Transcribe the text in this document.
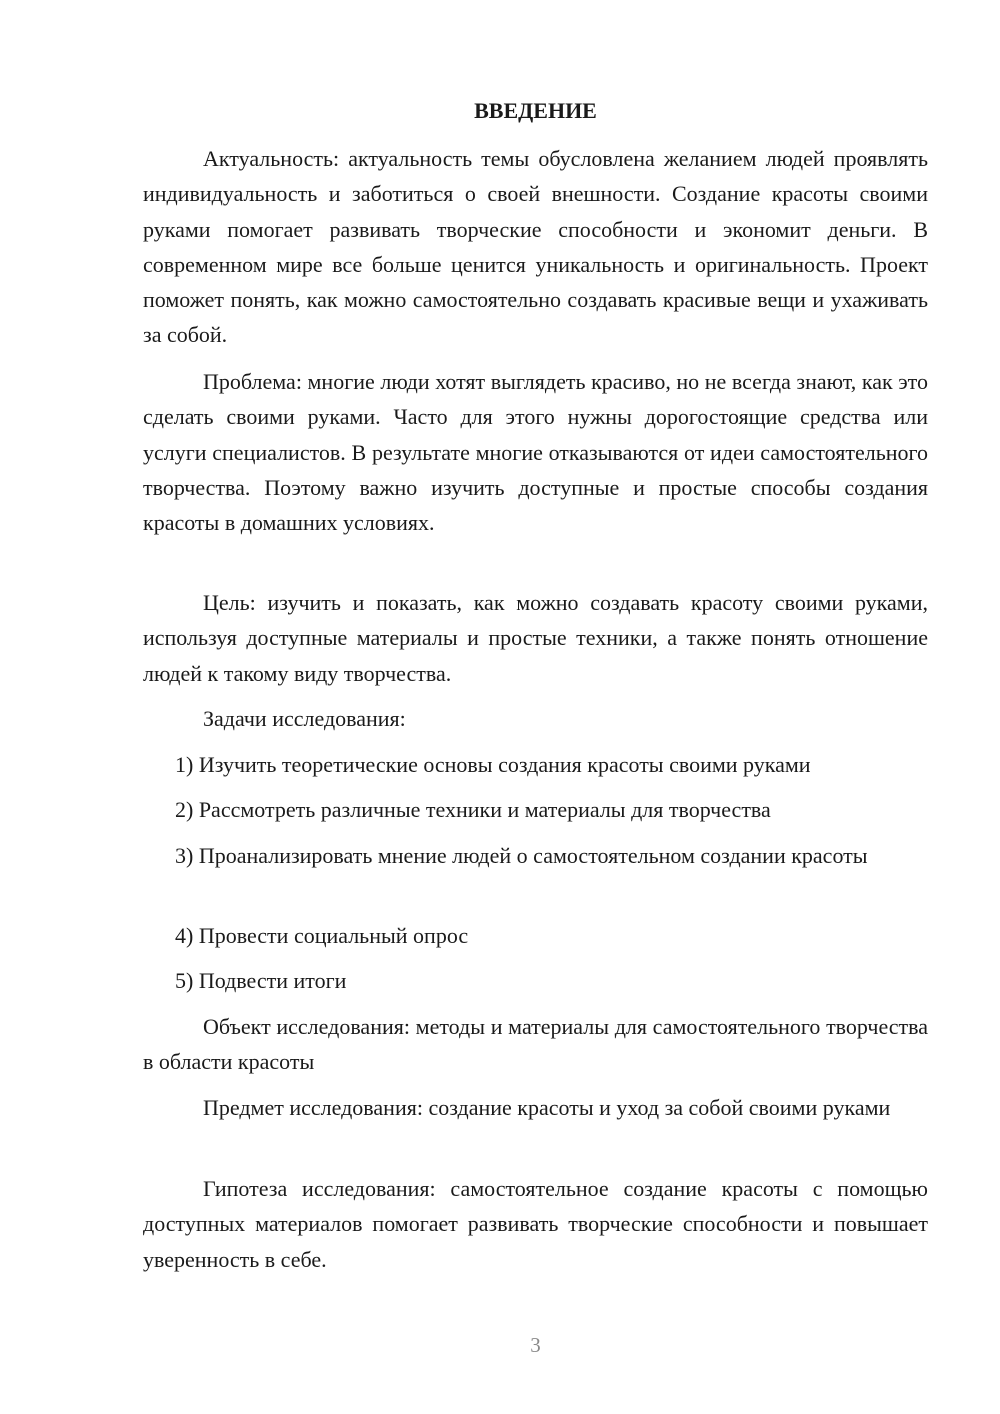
ВВЕДЕНИЕ

Актуальность: актуальность темы обусловлена желанием людей проявлять индивидуальность и заботиться о своей внешности. Создание красоты своими руками помогает развивать творческие способности и экономит деньги. В современном мире все больше ценится уникальность и оригинальность. Проект поможет понять, как можно самостоятельно создавать красивые вещи и ухаживать за собой.

Проблема: многие люди хотят выглядеть красиво, но не всегда знают, как это сделать своими руками. Часто для этого нужны дорогостоящие средства или услуги специалистов. В результате многие отказываются от идеи самостоятельного творчества. Поэтому важно изучить доступные и простые способы создания красоты в домашних условиях.

Цель: изучить и показать, как можно создавать красоту своими руками, используя доступные материалы и простые техники, а также понять отношение людей к такому виду творчества.

Задачи исследования:

1) Изучить теоретические основы создания красоты своими руками

2) Рассмотреть различные техники и материалы для творчества

3) Проанализировать мнение людей о самостоятельном создании красоты

4) Провести социальный опрос

5) Подвести итоги

Объект исследования: методы и материалы для самостоятельного творчества в области красоты

Предмет исследования: создание красоты и уход за собой своими руками

Гипотеза исследования: самостоятельное создание красоты с помощью доступных материалов помогает развивать творческие способности и повышает уверенность в себе.

3
